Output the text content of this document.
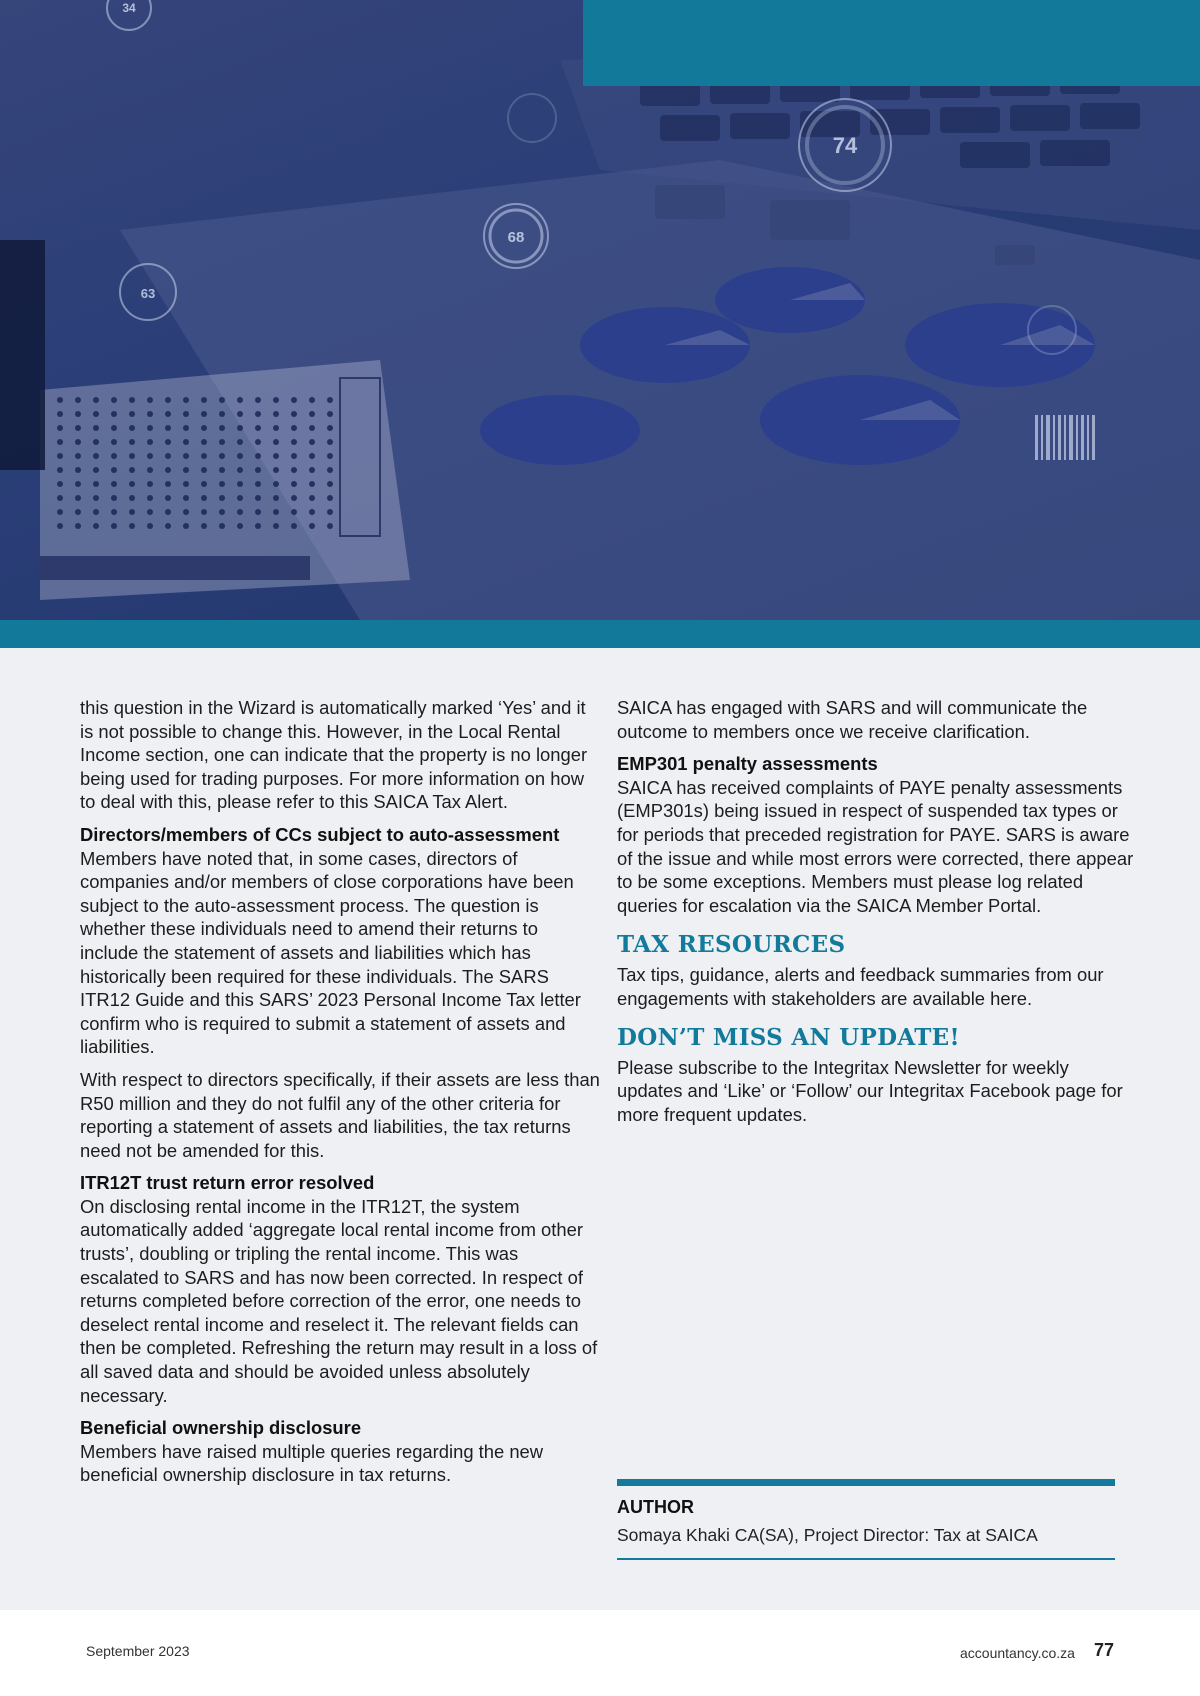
34
74
68
63

this question in the Wizard is automatically marked ‘Yes’ and it is not possible to change this. However, in the Local Rental Income section, one can indicate that the property is no longer being used for trading purposes. For more information on how to deal with this, please refer to this SAICA Tax Alert.

Directors/members of CCs subject to auto-assessment

Members have noted that, in some cases, directors of companies and/or members of close corporations have been subject to the auto-assessment process. The question is whether these individuals need to amend their returns to include the statement of assets and liabilities which has historically been required for these individuals. The SARS ITR12 Guide and this SARS’ 2023 Personal Income Tax letter confirm who is required to submit a statement of assets and liabilities.

With respect to directors specifically, if their assets are less than R50 million and they do not fulfil any of the other criteria for reporting a statement of assets and liabilities, the tax returns need not be amended for this.

ITR12T trust return error resolved

On disclosing rental income in the ITR12T, the system automatically added ‘aggregate local rental income from other trusts’, doubling or tripling the rental income. This was escalated to SARS and has now been corrected. In respect of returns completed before correction of the error, one needs to deselect rental income and reselect it. The relevant fields can then be completed. Refreshing the return may result in a loss of all saved data and should be avoided unless absolutely necessary.

Beneficial ownership disclosure

Members have raised multiple queries regarding the new beneficial ownership disclosure in tax returns.

SAICA has engaged with SARS and will communicate the outcome to members once we receive clarification.

EMP301 penalty assessments

SAICA has received complaints of PAYE penalty assessments (EMP301s) being issued in respect of suspended tax types or for periods that preceded registration for PAYE. SARS is aware of the issue and while most errors were corrected, there appear to be some exceptions. Members must please log related queries for escalation via the SAICA Member Portal.

TAX RESOURCES

Tax tips, guidance, alerts and feedback summaries from our engagements with stakeholders are available here.

DON’T MISS AN UPDATE!

Please subscribe to the Integritax Newsletter for weekly updates and ‘Like’ or ‘Follow’ our Integritax Facebook page for more frequent updates.

AUTHOR
Somaya Khaki CA(SA), Project Director: Tax at SAICA
September 2023	accountancy.co.za 77
